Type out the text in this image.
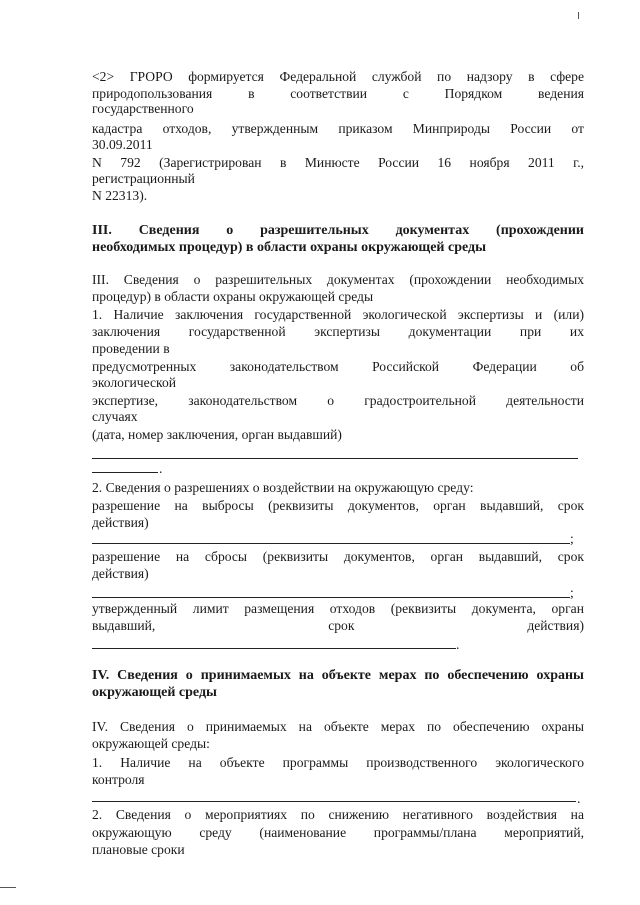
<2> ГРОРО формируется Федеральной службой по надзору в сфере
природопользования в соответствии с Порядком ведения
государственного
кадастра отходов, утвержденным приказом Минприроды России от
30.09.2011
N 792 (Зарегистрирован в Минюсте России 16 ноября 2011 г.,
регистрационный
N 22313).
III. Сведения о разрешительных документах (прохождении
необходимых процедур) в области охраны окружающей среды
III. Сведения о разрешительных документах (прохождении необходимых
процедур) в области охраны окружающей среды
1. Наличие заключения государственной экологической экспертизы и (или)
заключения государственной экспертизы документации при их
проведении в
предусмотренных законодательством Российской Федерации об
экологической
экспертизе, законодательством о градостроительной деятельности
случаях
(дата, номер заключения, орган выдавший)
.
2. Сведения о разрешениях о воздействии на окружающую среду:
разрешение на выбросы (реквизиты документов, орган выдавший, срок
действия)
;
разрешение на сбросы (реквизиты документов, орган выдавший, срок
действия)
;
утвержденный лимит размещения отходов (реквизиты документа, орган
выдавший, срок действия)
.
IV. Сведения о принимаемых на объекте мерах по обеспечению охраны
окружающей среды
IV. Сведения о принимаемых на объекте мерах по обеспечению охраны
окружающей среды:
1. Наличие на объекте программы производственного экологического
контроля
.
2. Сведения о мероприятиях по снижению негативного воздействия на
окружающую среду (наименование программы/плана мероприятий,
плановые сроки
